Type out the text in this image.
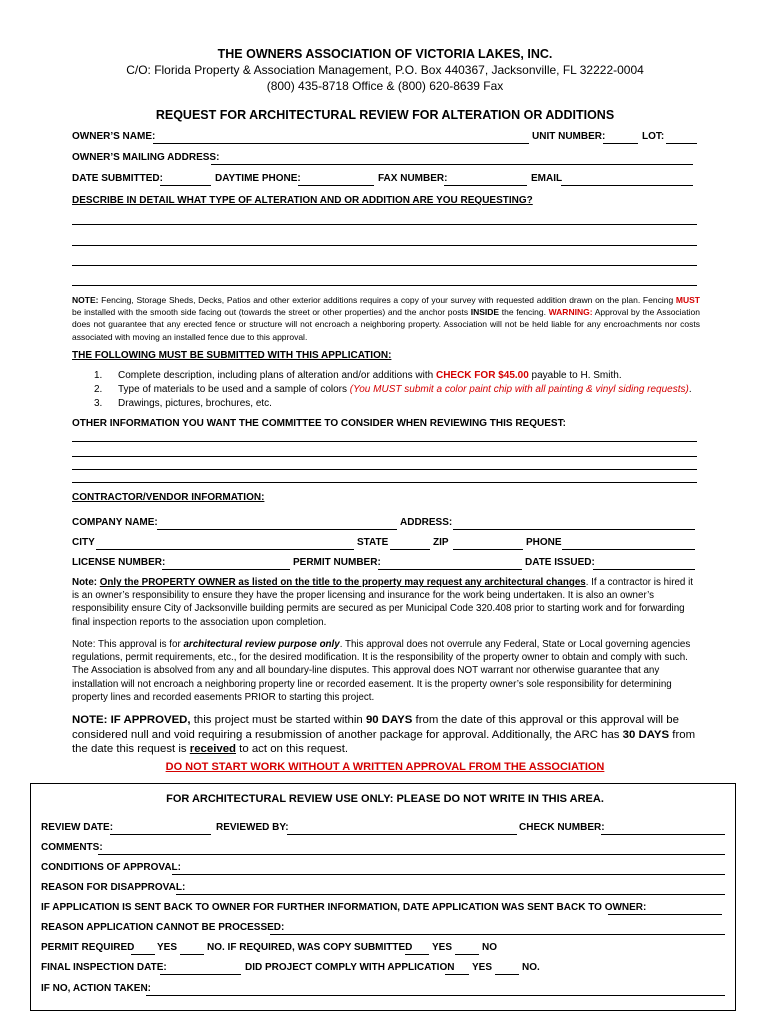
THE OWNERS ASSOCIATION OF VICTORIA LAKES, INC.
C/O: Florida Property & Association Management, P.O. Box 440367, Jacksonville, FL 32222-0004
(800) 435-8718 Office & (800) 620-8639 Fax
REQUEST FOR ARCHITECTURAL REVIEW FOR ALTERATION OR ADDITIONS
OWNER’S NAME:	UNIT NUMBER:	LOT:
OWNER’S MAILING ADDRESS:
DATE SUBMITTED:	DAYTIME PHONE:	FAX NUMBER:	EMAIL
DESCRIBE IN DETAIL WHAT TYPE OF ALTERATION AND OR ADDITION ARE YOU REQUESTING?
NOTE: Fencing, Storage Sheds, Decks, Patios and other exterior additions requires a copy of your survey with requested addition drawn on the plan. Fencing MUST be installed with the smooth side facing out (towards the street or other properties) and the anchor posts INSIDE the fencing. WARNING: Approval by the Association does not guarantee that any erected fence or structure will not encroach a neighboring property. Association will not be held liable for any encroachments nor costs associated with moving an installed fence due to this approval.
THE FOLLOWING MUST BE SUBMITTED WITH THIS APPLICATION:
1. Complete description, including plans of alteration and/or additions with CHECK FOR $45.00 payable to H. Smith.
2. Type of materials to be used and a sample of colors (You MUST submit a color paint chip with all painting & vinyl siding requests).
3. Drawings, pictures, brochures, etc.
OTHER INFORMATION YOU WANT THE COMMITTEE TO CONSIDER WHEN REVIEWING THIS REQUEST:
CONTRACTOR/VENDOR INFORMATION:
COMPANY NAME:	ADDRESS:
CITY	STATE	ZIP	PHONE
LICENSE NUMBER:	PERMIT NUMBER:	DATE ISSUED:
Note: Only the PROPERTY OWNER as listed on the title to the property may request any architectural changes. If a contractor is hired it is an owner’s responsibility to ensure they have the proper licensing and insurance for the work being undertaken. It is also an owner’s responsibility ensure City of Jacksonville building permits are secured as per Municipal Code 320.408 prior to starting work and for forwarding final inspection reports to the association upon completion.
Note: This approval is for architectural review purpose only. This approval does not overrule any Federal, State or Local governing agencies regulations, permit requirements, etc., for the desired modification. It is the responsibility of the property owner to obtain and comply with such. The Association is absolved from any and all boundary-line disputes. This approval does NOT warrant nor otherwise guarantee that any installation will not encroach a neighboring property line or recorded easement. It is the property owner’s sole responsibility for determining property lines and recorded easements PRIOR to starting this project.
NOTE: IF APPROVED, this project must be started within 90 DAYS from the date of this approval or this approval will be considered null and void requiring a resubmission of another package for approval. Additionally, the ARC has 30 DAYS from the date this request is received to act on this request.
DO NOT START WORK WITHOUT A WRITTEN APPROVAL FROM THE ASSOCIATION
FOR ARCHITECTURAL REVIEW USE ONLY: PLEASE DO NOT WRITE IN THIS AREA.
REVIEW DATE:	REVIEWED BY:	CHECK NUMBER:
COMMENTS:
CONDITIONS OF APPROVAL:
REASON FOR DISAPPROVAL:
IF APPLICATION IS SENT BACK TO OWNER FOR FURTHER INFORMATION, DATE APPLICATION WAS SENT BACK TO OWNER:
REASON APPLICATION CANNOT BE PROCESSED:
PERMIT REQUIRED YES	NO. IF REQUIRED, WAS COPY SUBMITTED YES	NO
FINAL INSPECTION DATE:	DID PROJECT COMPLY WITH APPLICATION YES	NO.
IF NO, ACTION TAKEN:
